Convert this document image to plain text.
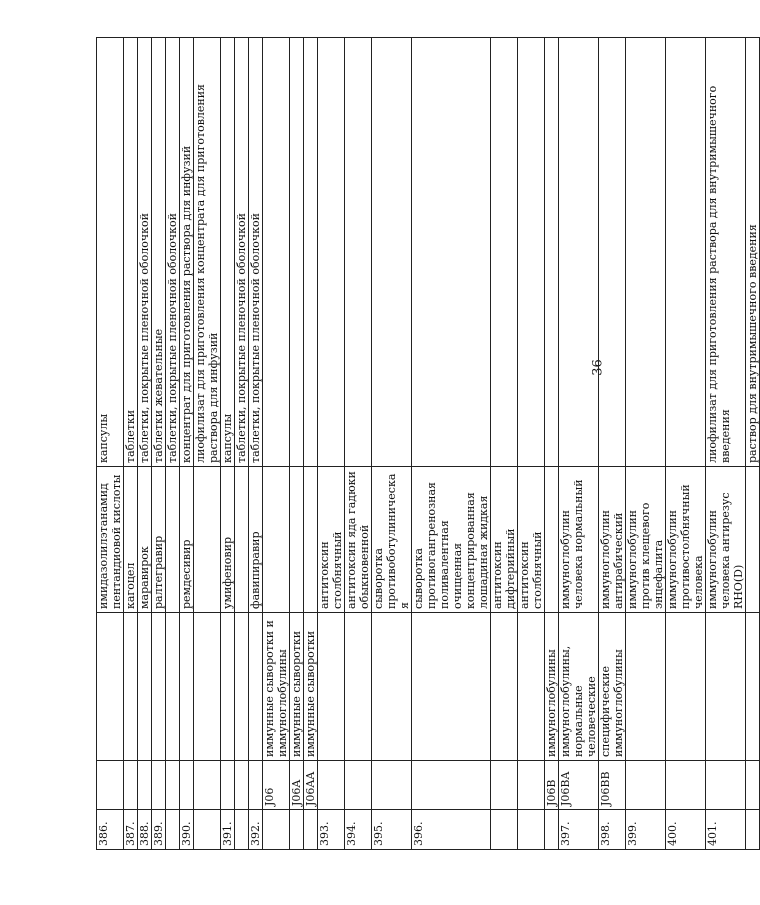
36
386.			имидазолилэтанамид пентандиовой кислоты	капсулы
387.			кагоцел	таблетки
388.			маравирок	таблетки, покрытые пленочной оболочкой
389.			ралтегравир	таблетки жевательные
				таблетки, покрытые пленочной оболочкой
390.			ремдесивир	концентрат для приготовления раствора для инфузий
				лиофилизат для приготовления концентрата для приготовления раствора для инфузий
391.			умифеновир	капсулы
				таблетки, покрытые пленочной оболочкой
392.			фавипиравир	таблетки, покрытые пленочной оболочкой
	J06	иммунные сыворотки и иммуноглобулины		
	J06A	иммунные сыворотки		
	J06AA	иммунные сыворотки		
393.			антитоксин столбнячный	
394.			антитоксин яда гадюки обыкновенной	
395.			сыворотка противоботулиническая	
396.			сыворотка противогангренозная поливалентная очищенная концентрированная лошадиная жидкая	
			антитоксин дифтерийный	
			антитоксин столбнячный	
	J06B	иммуноглобулины		
397.	J06BA	иммуноглобулины, нормальные человеческие	иммуноглобулин человека нормальный	
398.	J06BB	специфические иммуноглобулины	иммуноглобулин антирабический	
399.			иммуноглобулин против клещевого энцефалита	
400.			иммуноглобулин противостолбнячный человека	
401.			иммуноглобулин человека антирезус RHO(D)	лиофилизат для приготовления раствора для внутримышечного введения
				раствор для внутримышечного введения
